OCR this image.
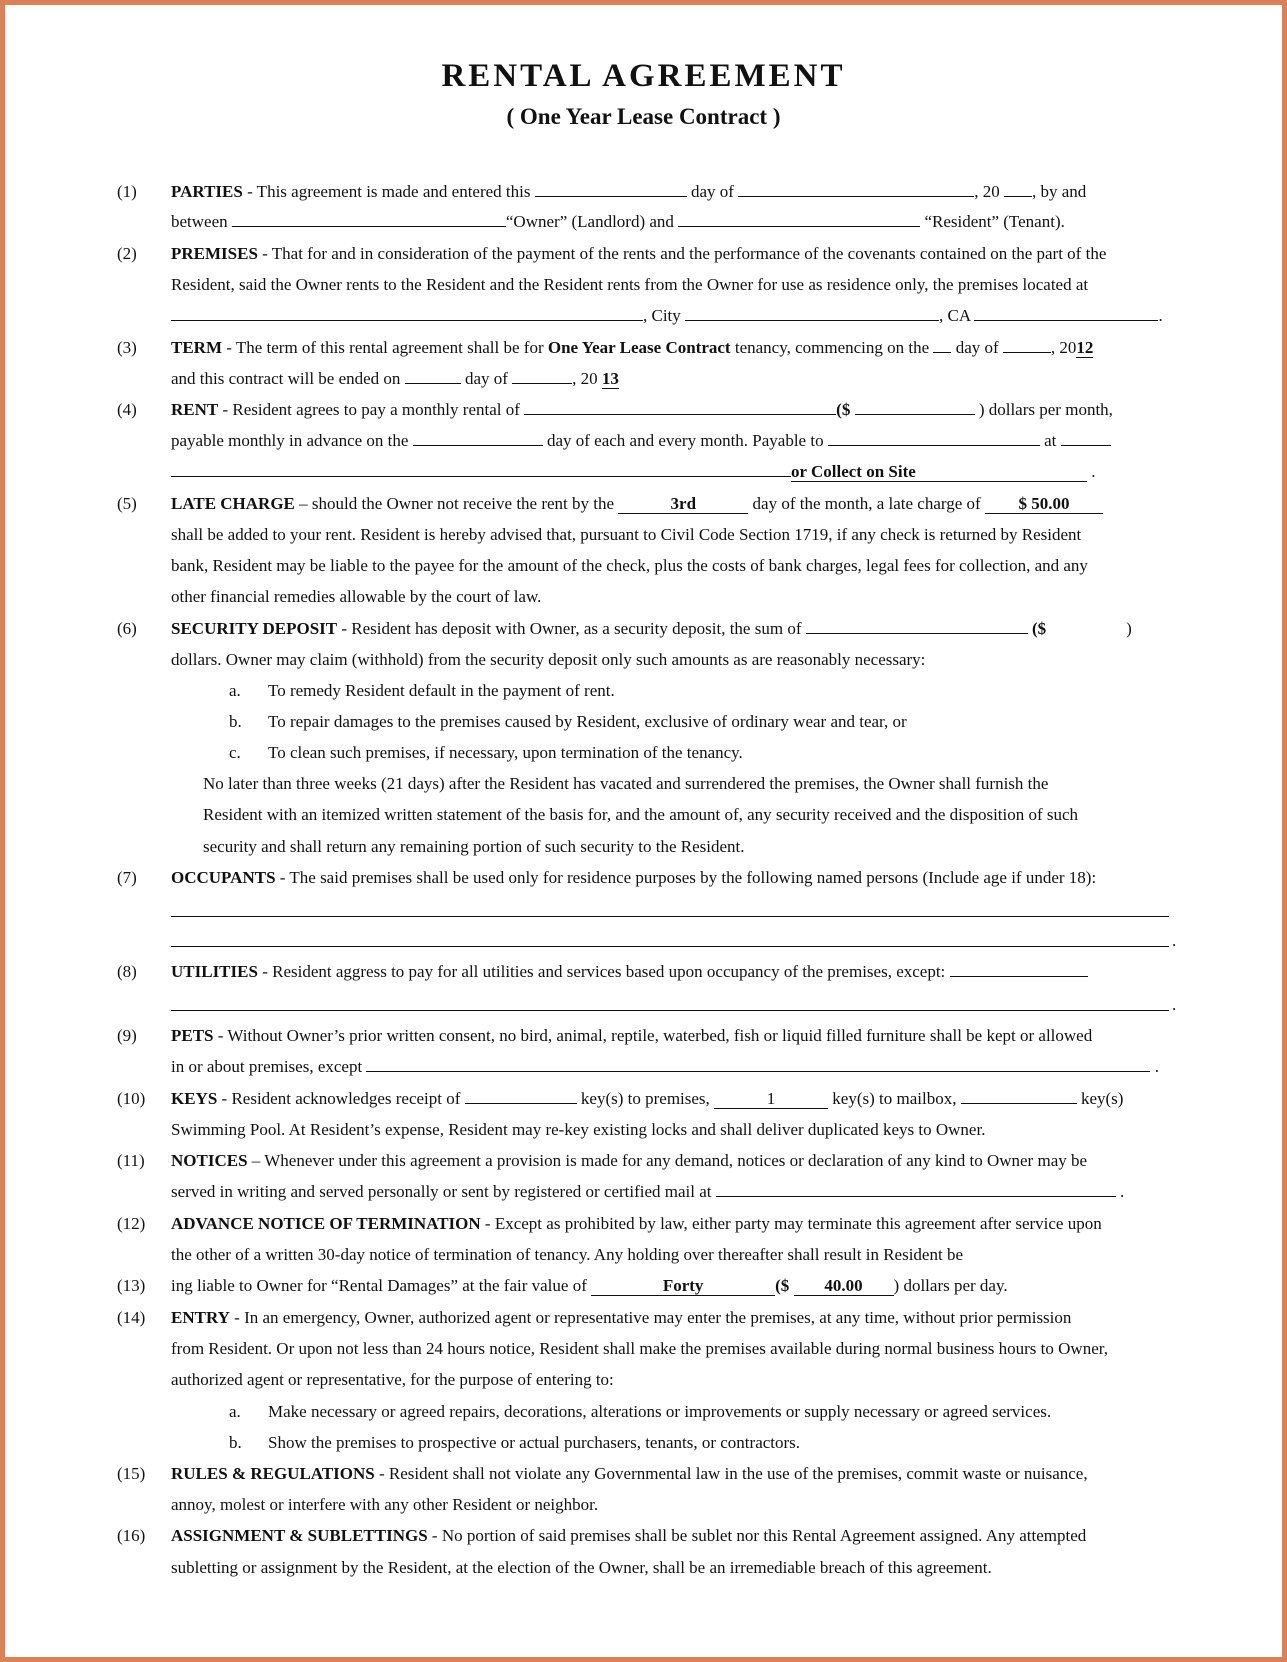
RENTAL AGREEMENT
( One Year Lease Contract )
(1) PARTIES - This agreement is made and entered this	day of	, 20 , by and
between	“Owner” (Landlord) and	“Resident” (Tenant).
(2) PREMISES - That for and in consideration of the payment of the rents and the performance of the covenants contained on the part of the
Resident, said the Owner rents to the Resident and the Resident rents from the Owner for use as residence only, the premises located at
, City	, CA	.
(3) TERM - The term of this rental agreement shall be for One Year Lease Contract tenancy, commencing on the  day of	, 2012
and this contract will be ended on	day of	, 20 13
(4) RENT - Resident agrees to pay a monthly rental of	($	) dollars per month,
payable monthly in advance on the	day of each and every month. Payable to	at
or Collect on Site	.
(5) LATE CHARGE – should the Owner not receive the rent by the	3rd	day of the month, a late charge of $ 50.00
shall be added to your rent. Resident is hereby advised that, pursuant to Civil Code Section 1719, if any check is returned by Resident
bank, Resident may be liable to the payee for the amount of the check, plus the costs of bank charges, legal fees for collection, and any
other financial remedies allowable by the court of law.
(6) SECURITY DEPOSIT - Resident has deposit with Owner, as a security deposit, the sum of	($	)
dollars. Owner may claim (withhold) from the security deposit only such amounts as are reasonably necessary:
a. To remedy Resident default in the payment of rent.
b. To repair damages to the premises caused by Resident, exclusive of ordinary wear and tear, or
c. To clean such premises, if necessary, upon termination of the tenancy.
No later than three weeks (21 days) after the Resident has vacated and surrendered the premises, the Owner shall furnish the
Resident with an itemized written statement of the basis for, and the amount of, any security received and the disposition of such
security and shall return any remaining portion of such security to the Resident.
(7) OCCUPANTS - The said premises shall be used only for residence purposes by the following named persons (Include age if under 18):
.
(8) UTILITIES - Resident aggress to pay for all utilities and services based upon occupancy of the premises, except:
.
(9) PETS - Without Owner’s prior written consent, no bird, animal, reptile, waterbed, fish or liquid filled furniture shall be kept or allowed
in or about premises, except	.
(10) KEYS - Resident acknowledges receipt of	key(s) to premises,	1	key(s) to mailbox,	key(s)
Swimming Pool. At Resident’s expense, Resident may re-key existing locks and shall deliver duplicated keys to Owner.
(11) NOTICES – Whenever under this agreement a provision is made for any demand, notices or declaration of any kind to Owner may be
served in writing and served personally or sent by registered or certified mail at	.
(12) ADVANCE NOTICE OF TERMINATION - Except as prohibited by law, either party may terminate this agreement after service upon
the other of a written 30-day notice of termination of tenancy. Any holding over thereafter shall result in Resident be
(13) ing liable to Owner for “Rental Damages” at the fair value of	Forty	($ 40.00 ) dollars per day.
(14) ENTRY - In an emergency, Owner, authorized agent or representative may enter the premises, at any time, without prior permission
from Resident. Or upon not less than 24 hours notice, Resident shall make the premises available during normal business hours to Owner,
authorized agent or representative, for the purpose of entering to:
a. Make necessary or agreed repairs, decorations, alterations or improvements or supply necessary or agreed services.
b. Show the premises to prospective or actual purchasers, tenants, or contractors.
(15) RULES & REGULATIONS - Resident shall not violate any Governmental law in the use of the premises, commit waste or nuisance,
annoy, molest or interfere with any other Resident or neighbor.
(16) ASSIGNMENT & SUBLETTINGS - No portion of said premises shall be sublet nor this Rental Agreement assigned. Any attempted
subletting or assignment by the Resident, at the election of the Owner, shall be an irremediable breach of this agreement.
